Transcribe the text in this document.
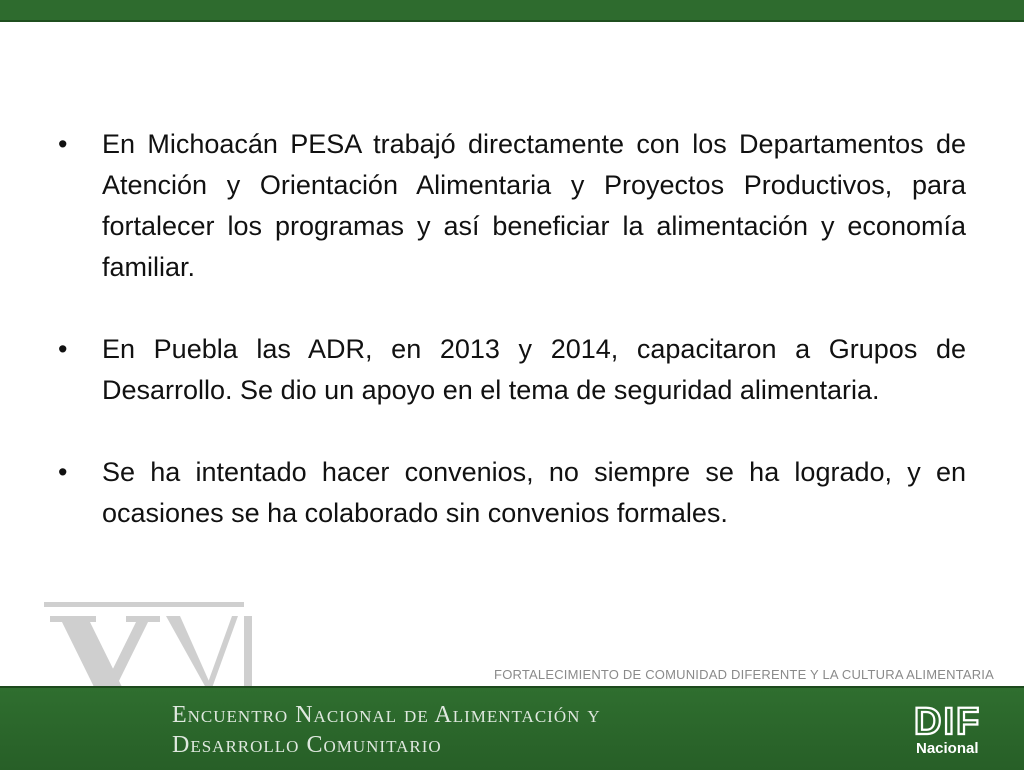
•	En Michoacán PESA trabajó directamente con los Departamentos de Atención y Orientación Alimentaria y Proyectos Productivos, para fortalecer los programas y así beneficiar la alimentación y economía familiar.
•	En Puebla las ADR, en 2013 y 2014, capacitaron a Grupos de Desarrollo. Se dio un apoyo en el tema de seguridad alimentaria.
•	Se ha intentado hacer convenios, no siempre se ha logrado, y en ocasiones se ha colaborado sin convenios formales.
XVI
FORTALECIMIENTO DE COMUNIDAD DIFERENTE Y LA CULTURA ALIMENTARIA
Encuentro Nacional de Alimentación y
Desarrollo Comunitario
DIF
Nacional
